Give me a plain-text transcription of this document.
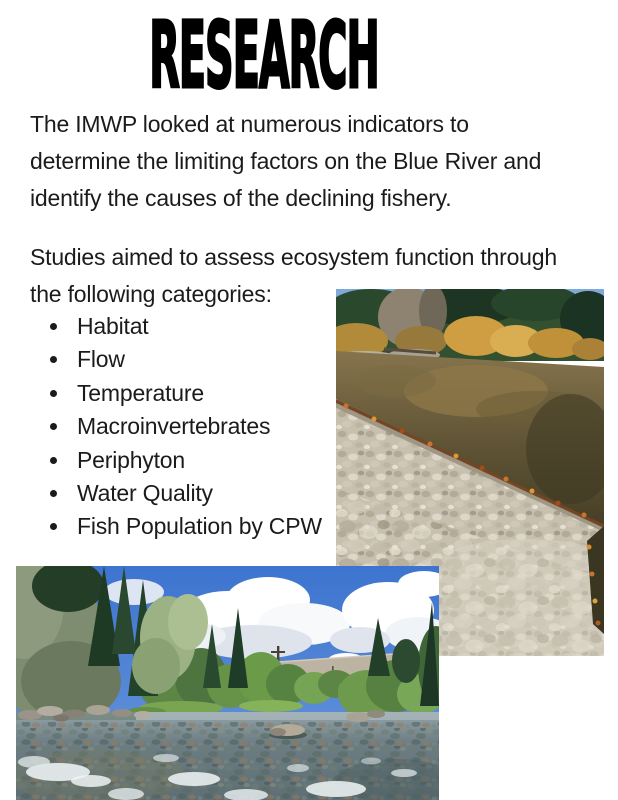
RESEARCH
The IMWP looked at numerous indicators to
determine the limiting factors on the Blue River and
identify the causes of the declining fishery.
Studies aimed to assess ecosystem function through
the following categories:
Habitat
Flow
Temperature
Macroinvertebrates
Periphyton
Water Quality
Fish Population by CPW
